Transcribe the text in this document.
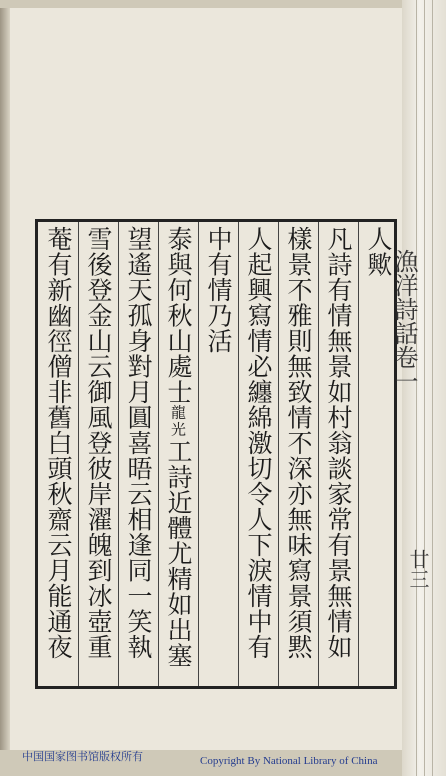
人歟
凡詩有情無景如村翁談家常有景無情如
樣景不雅則無致情不深亦無味寫景須黙
人起興寫情必纏綿激切令人下淚情中有
中有情乃活
泰與何秋山處士龍光工詩近體尤精如出塞
望遙天孤身對月圓喜晤云相逢同一笑執
雪後登金山云御風登彼岸濯魄到冰壺重
菴有新幽徑僧非舊白頭秋齋云月能通夜
漁洋詩話卷一
廿三
中国国家图书馆版权所有	Copyright By National Library of China
